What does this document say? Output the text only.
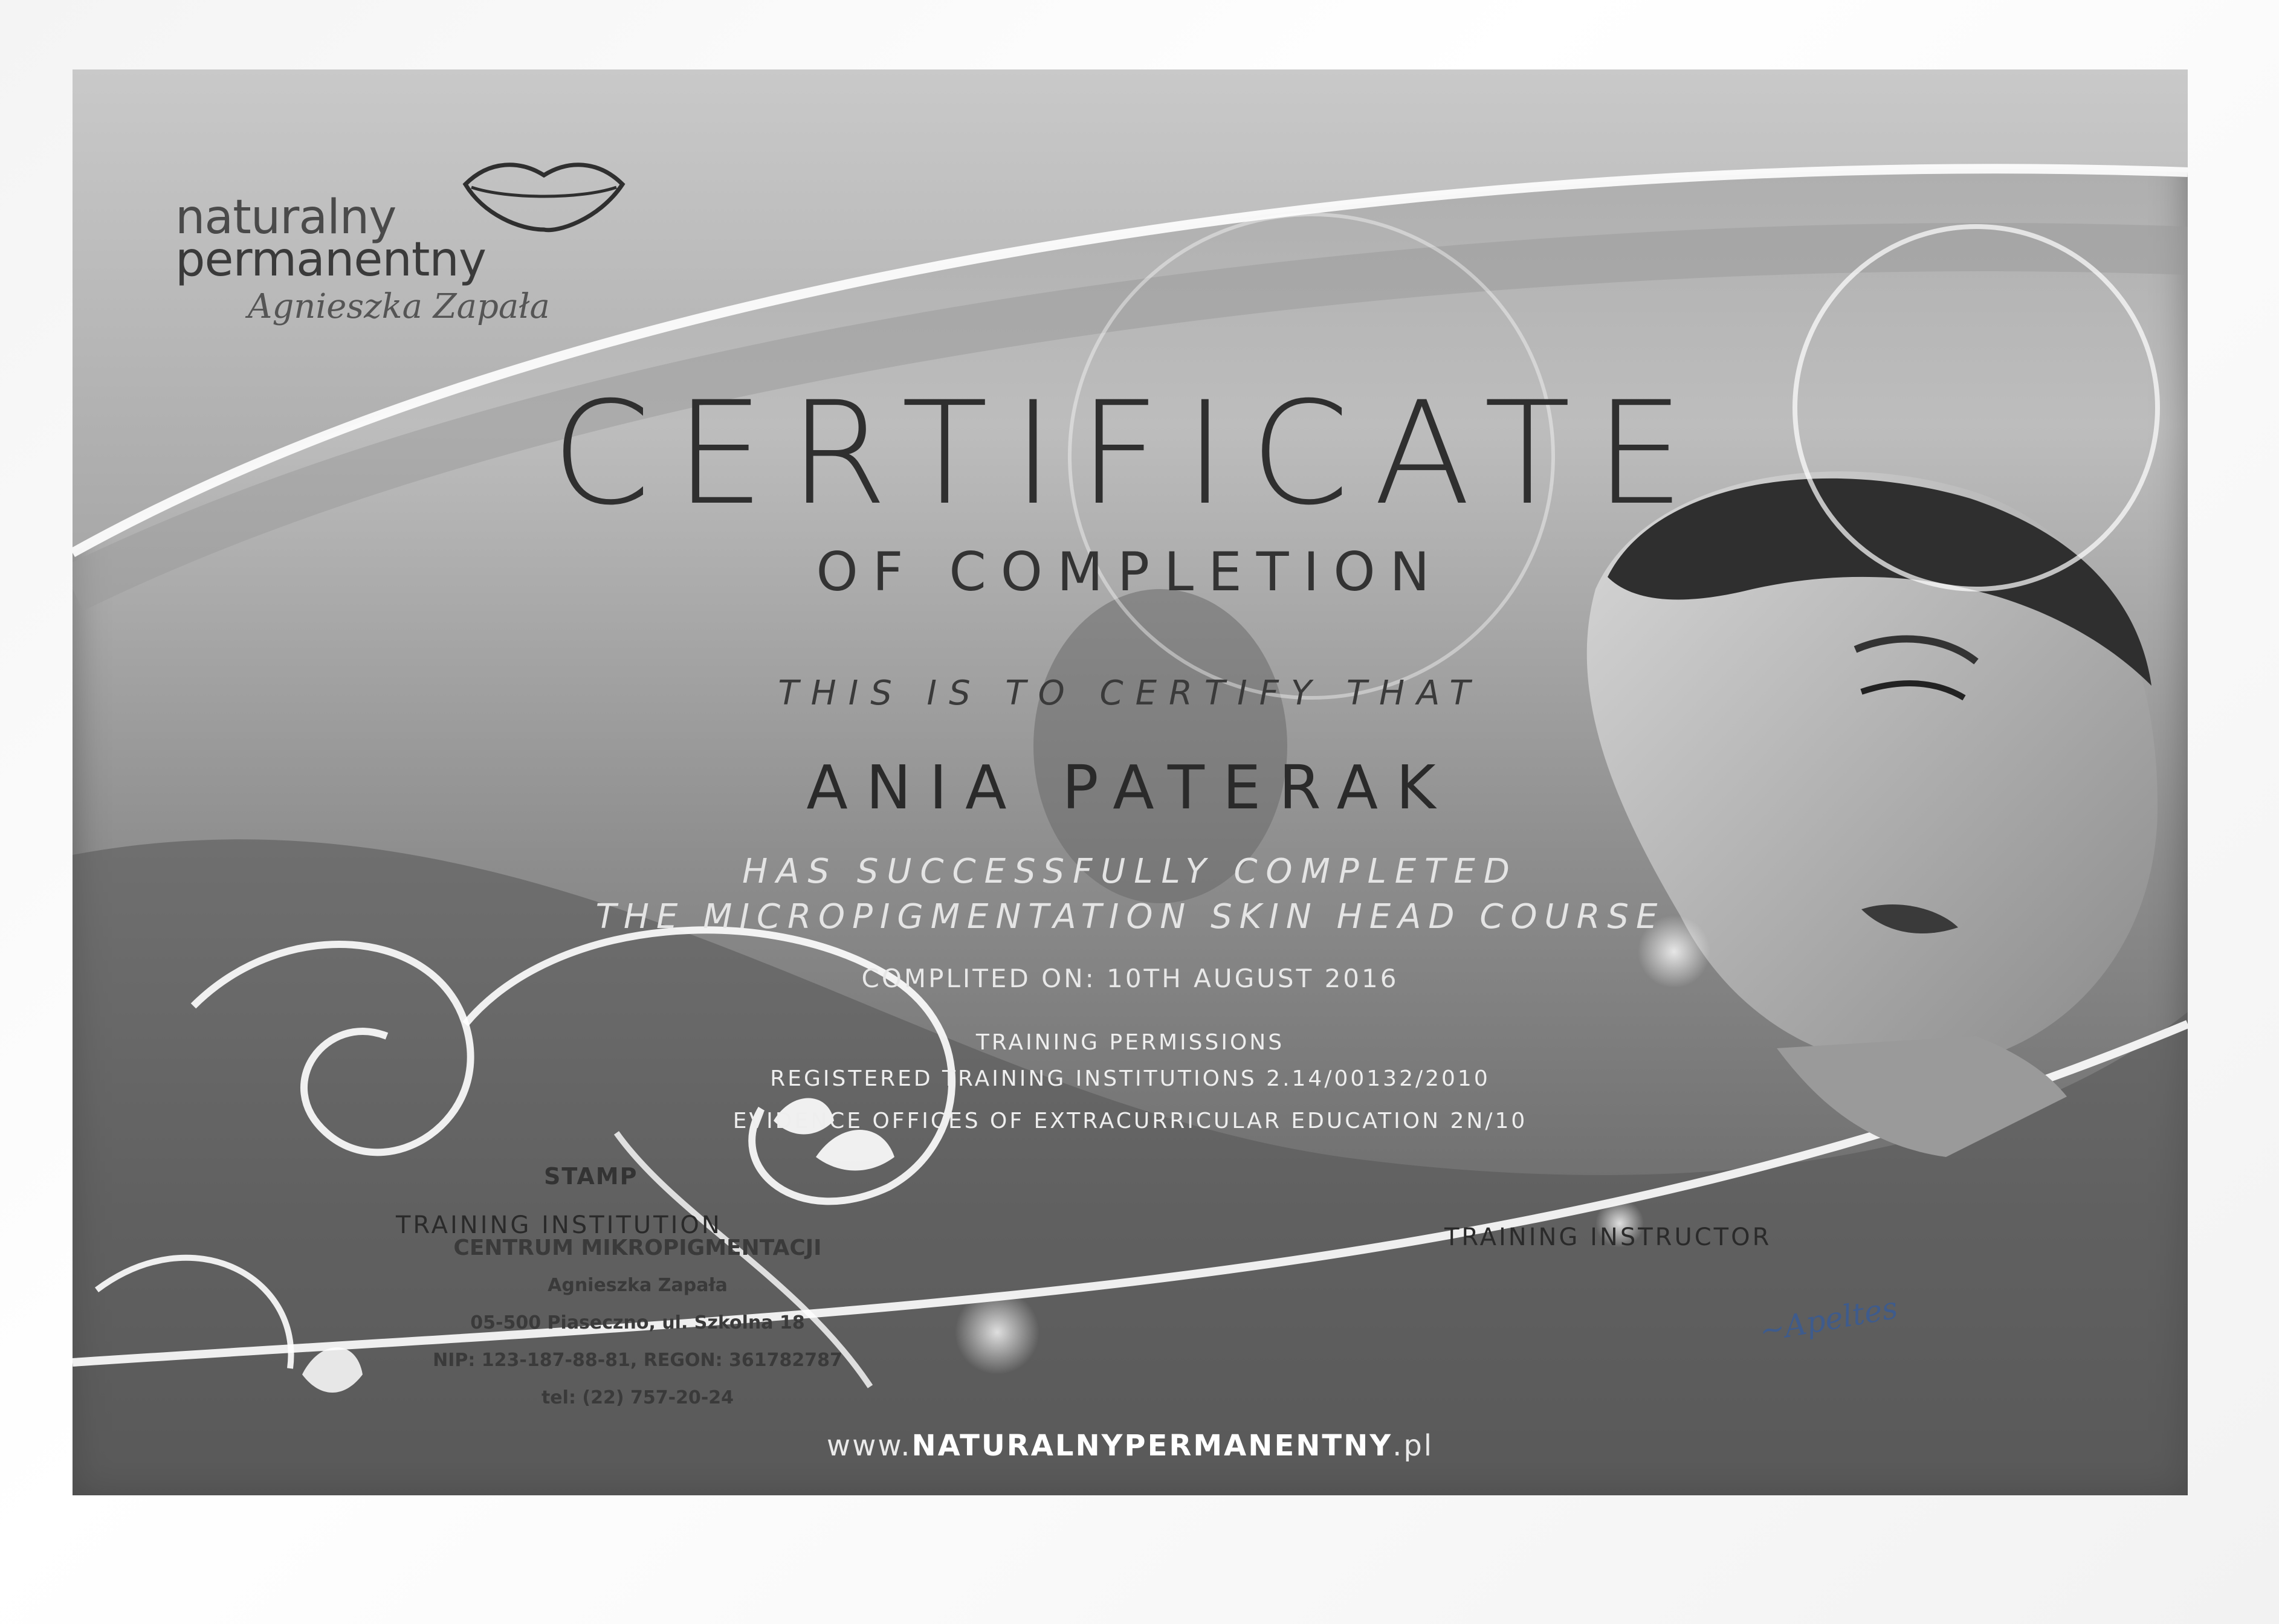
naturalny
permanentny
Agnieszka Zapała
CERTIFICATE
OF COMPLETION
THIS IS TO CERTIFY THAT
ANIA PATERAK
HAS SUCCESSFULLY COMPLETED
THE MICROPIGMENTATION SKIN HEAD COURSE
COMPLITED ON: 10TH AUGUST 2016
TRAINING PERMISSIONS
REGISTERED TRAINING INSTITUTIONS 2.14/00132/2010
EVIDENCE OFFICES OF EXTRACURRICULAR EDUCATION 2N/10
STAMP
TRAINING INSTITUTION	TRAINING INSTRUCTOR
CENTRUM MIKROPIGMENTACJI
Agnieszka Zapała
05-500 Piaseczno, ul. Szkolna 18
NIP: 123-187-88-81, REGON: 361782787
tel: (22) 757-20-24
~Apeltes
www.NATURALNYPERMANENTNY.pl
